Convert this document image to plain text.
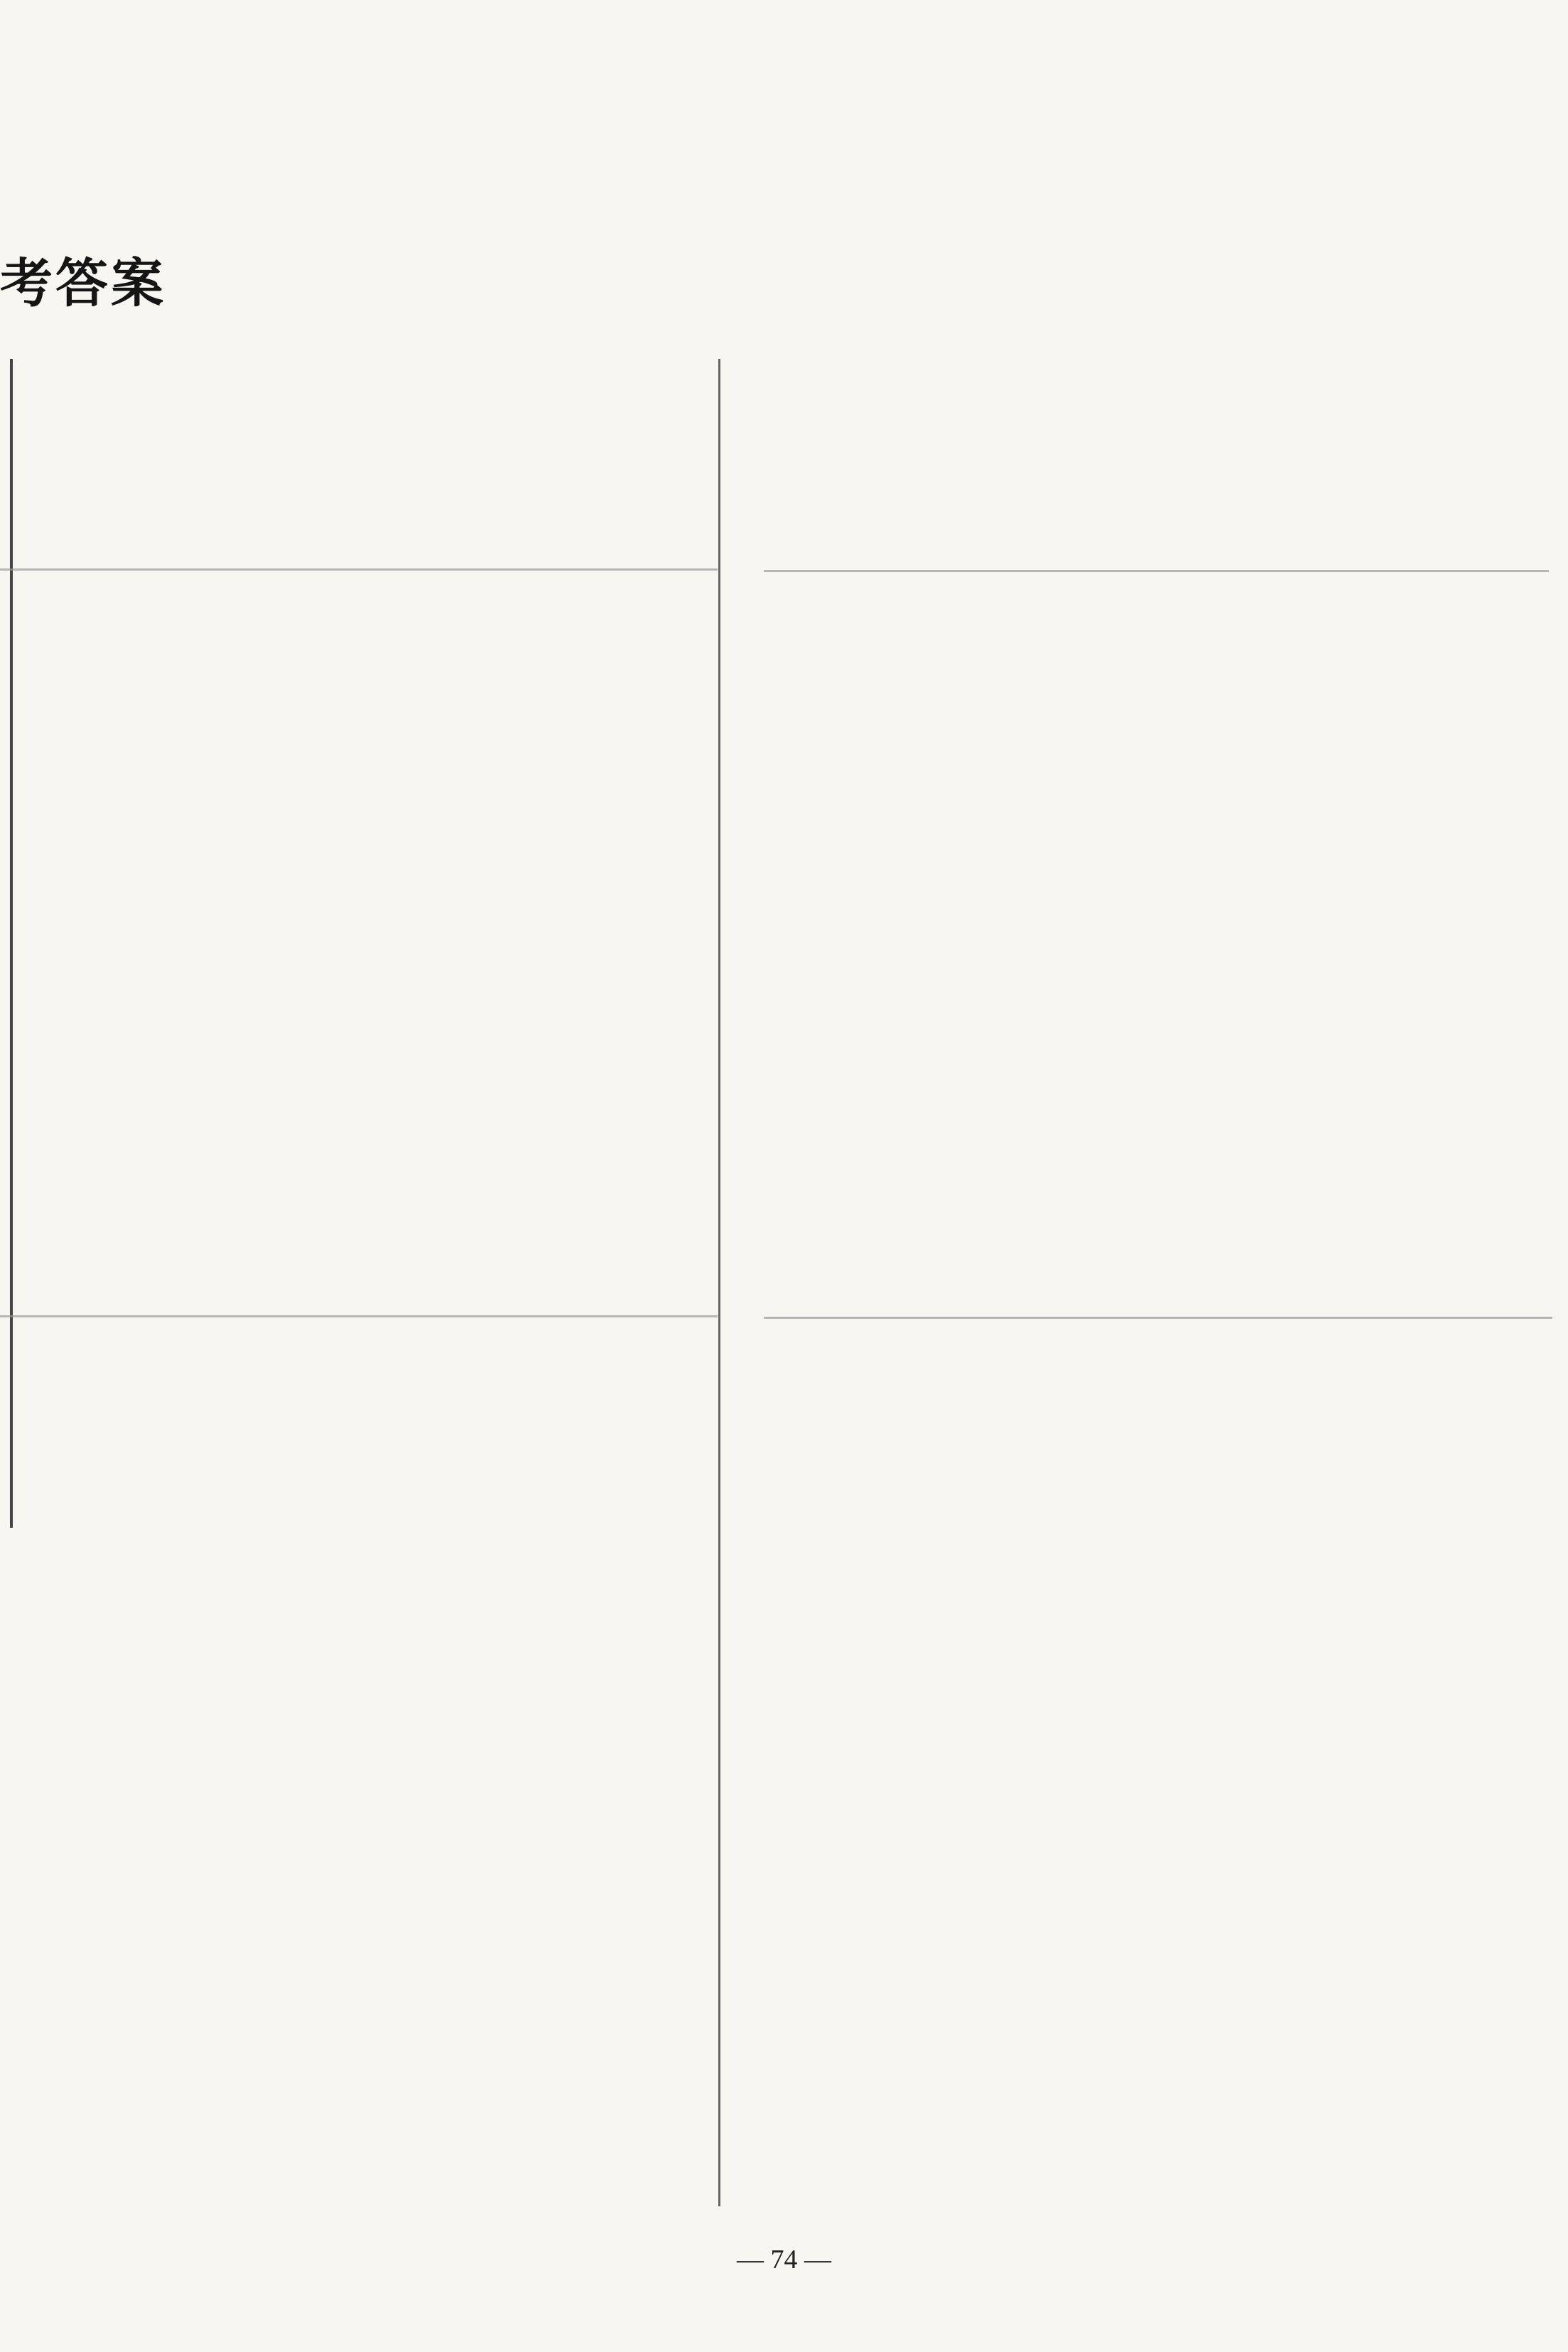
考答案
— 74 —
